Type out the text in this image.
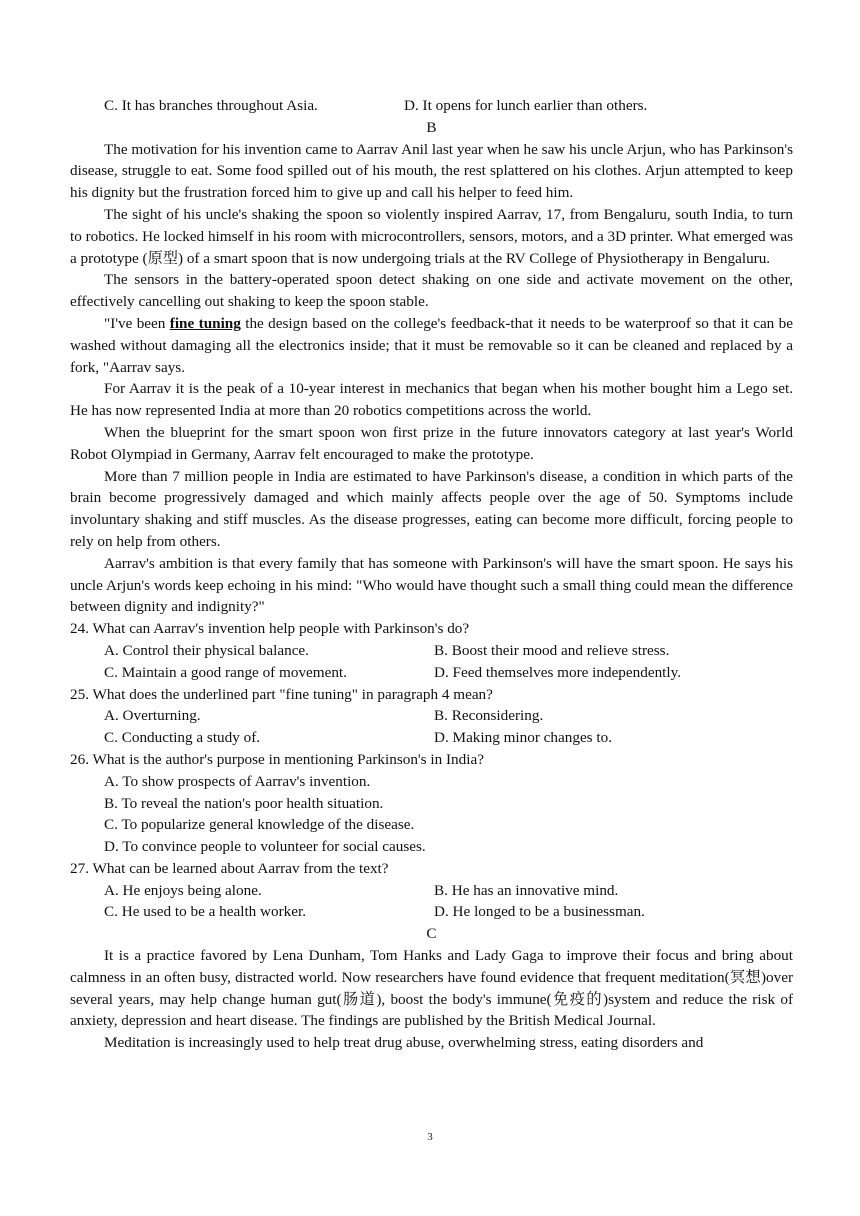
C. It has branches throughout Asia.	D. It opens for lunch earlier than others.
B

The motivation for his invention came to Aarrav Anil last year when he saw his uncle Arjun, who has Parkinson's disease, struggle to eat. Some food spilled out of his mouth, the rest splattered on his clothes. Arjun attempted to keep his dignity but the frustration forced him to give up and call his helper to feed him.

The sight of his uncle's shaking the spoon so violently inspired Aarrav, 17, from Bengaluru, south India, to turn to robotics. He locked himself in his room with microcontrollers, sensors, motors, and a 3D printer. What emerged was a prototype (原型) of a smart spoon that is now undergoing trials at the RV College of Physiotherapy in Bengaluru.

The sensors in the battery-operated spoon detect shaking on one side and activate movement on the other, effectively cancelling out shaking to keep the spoon stable.

"I've been fine tuning the design based on the college's feedback-that it needs to be waterproof so that it can be washed without damaging all the electronics inside; that it must be removable so it can be cleaned and replaced by a fork, "Aarrav says.

For Aarrav it is the peak of a 10-year interest in mechanics that began when his mother bought him a Lego set. He has now represented India at more than 20 robotics competitions across the world.

When the blueprint for the smart spoon won first prize in the future innovators category at last year's World Robot Olympiad in Germany, Aarrav felt encouraged to make the prototype.

More than 7 million people in India are estimated to have Parkinson's disease, a condition in which parts of the brain become progressively damaged and which mainly affects people over the age of 50. Symptoms include involuntary shaking and stiff muscles. As the disease progresses, eating can become more difficult, forcing people to rely on help from others.

Aarrav's ambition is that every family that has someone with Parkinson's will have the smart spoon. He says his uncle Arjun's words keep echoing in his mind: "Who would have thought such a small thing could mean the difference between dignity and indignity?"

24. What can Aarrav's invention help people with Parkinson's do?
A. Control their physical balance.	B. Boost their mood and relieve stress.
C. Maintain a good range of movement.	D. Feed themselves more independently.
25. What does the underlined part "fine tuning" in paragraph 4 mean?
A. Overturning.	B. Reconsidering.
C. Conducting a study of.	D. Making minor changes to.
26. What is the author's purpose in mentioning Parkinson's in India?
A. To show prospects of Aarrav's invention.
B. To reveal the nation's poor health situation.
C. To popularize general knowledge of the disease.
D. To convince people to volunteer for social causes.
27. What can be learned about Aarrav from the text?
A. He enjoys being alone.	B. He has an innovative mind.
C. He used to be a health worker.	D. He longed to be a businessman.
C

It is a practice favored by Lena Dunham, Tom Hanks and Lady Gaga to improve their focus and bring about calmness in an often busy, distracted world. Now researchers have found evidence that frequent meditation(冥想)over several years, may help change human gut(肠道), boost the body's immune(免疫的)system and reduce the risk of anxiety, depression and heart disease. The findings are published by the British Medical Journal.

Meditation is increasingly used to help treat drug abuse, overwhelming stress, eating disorders and

3
